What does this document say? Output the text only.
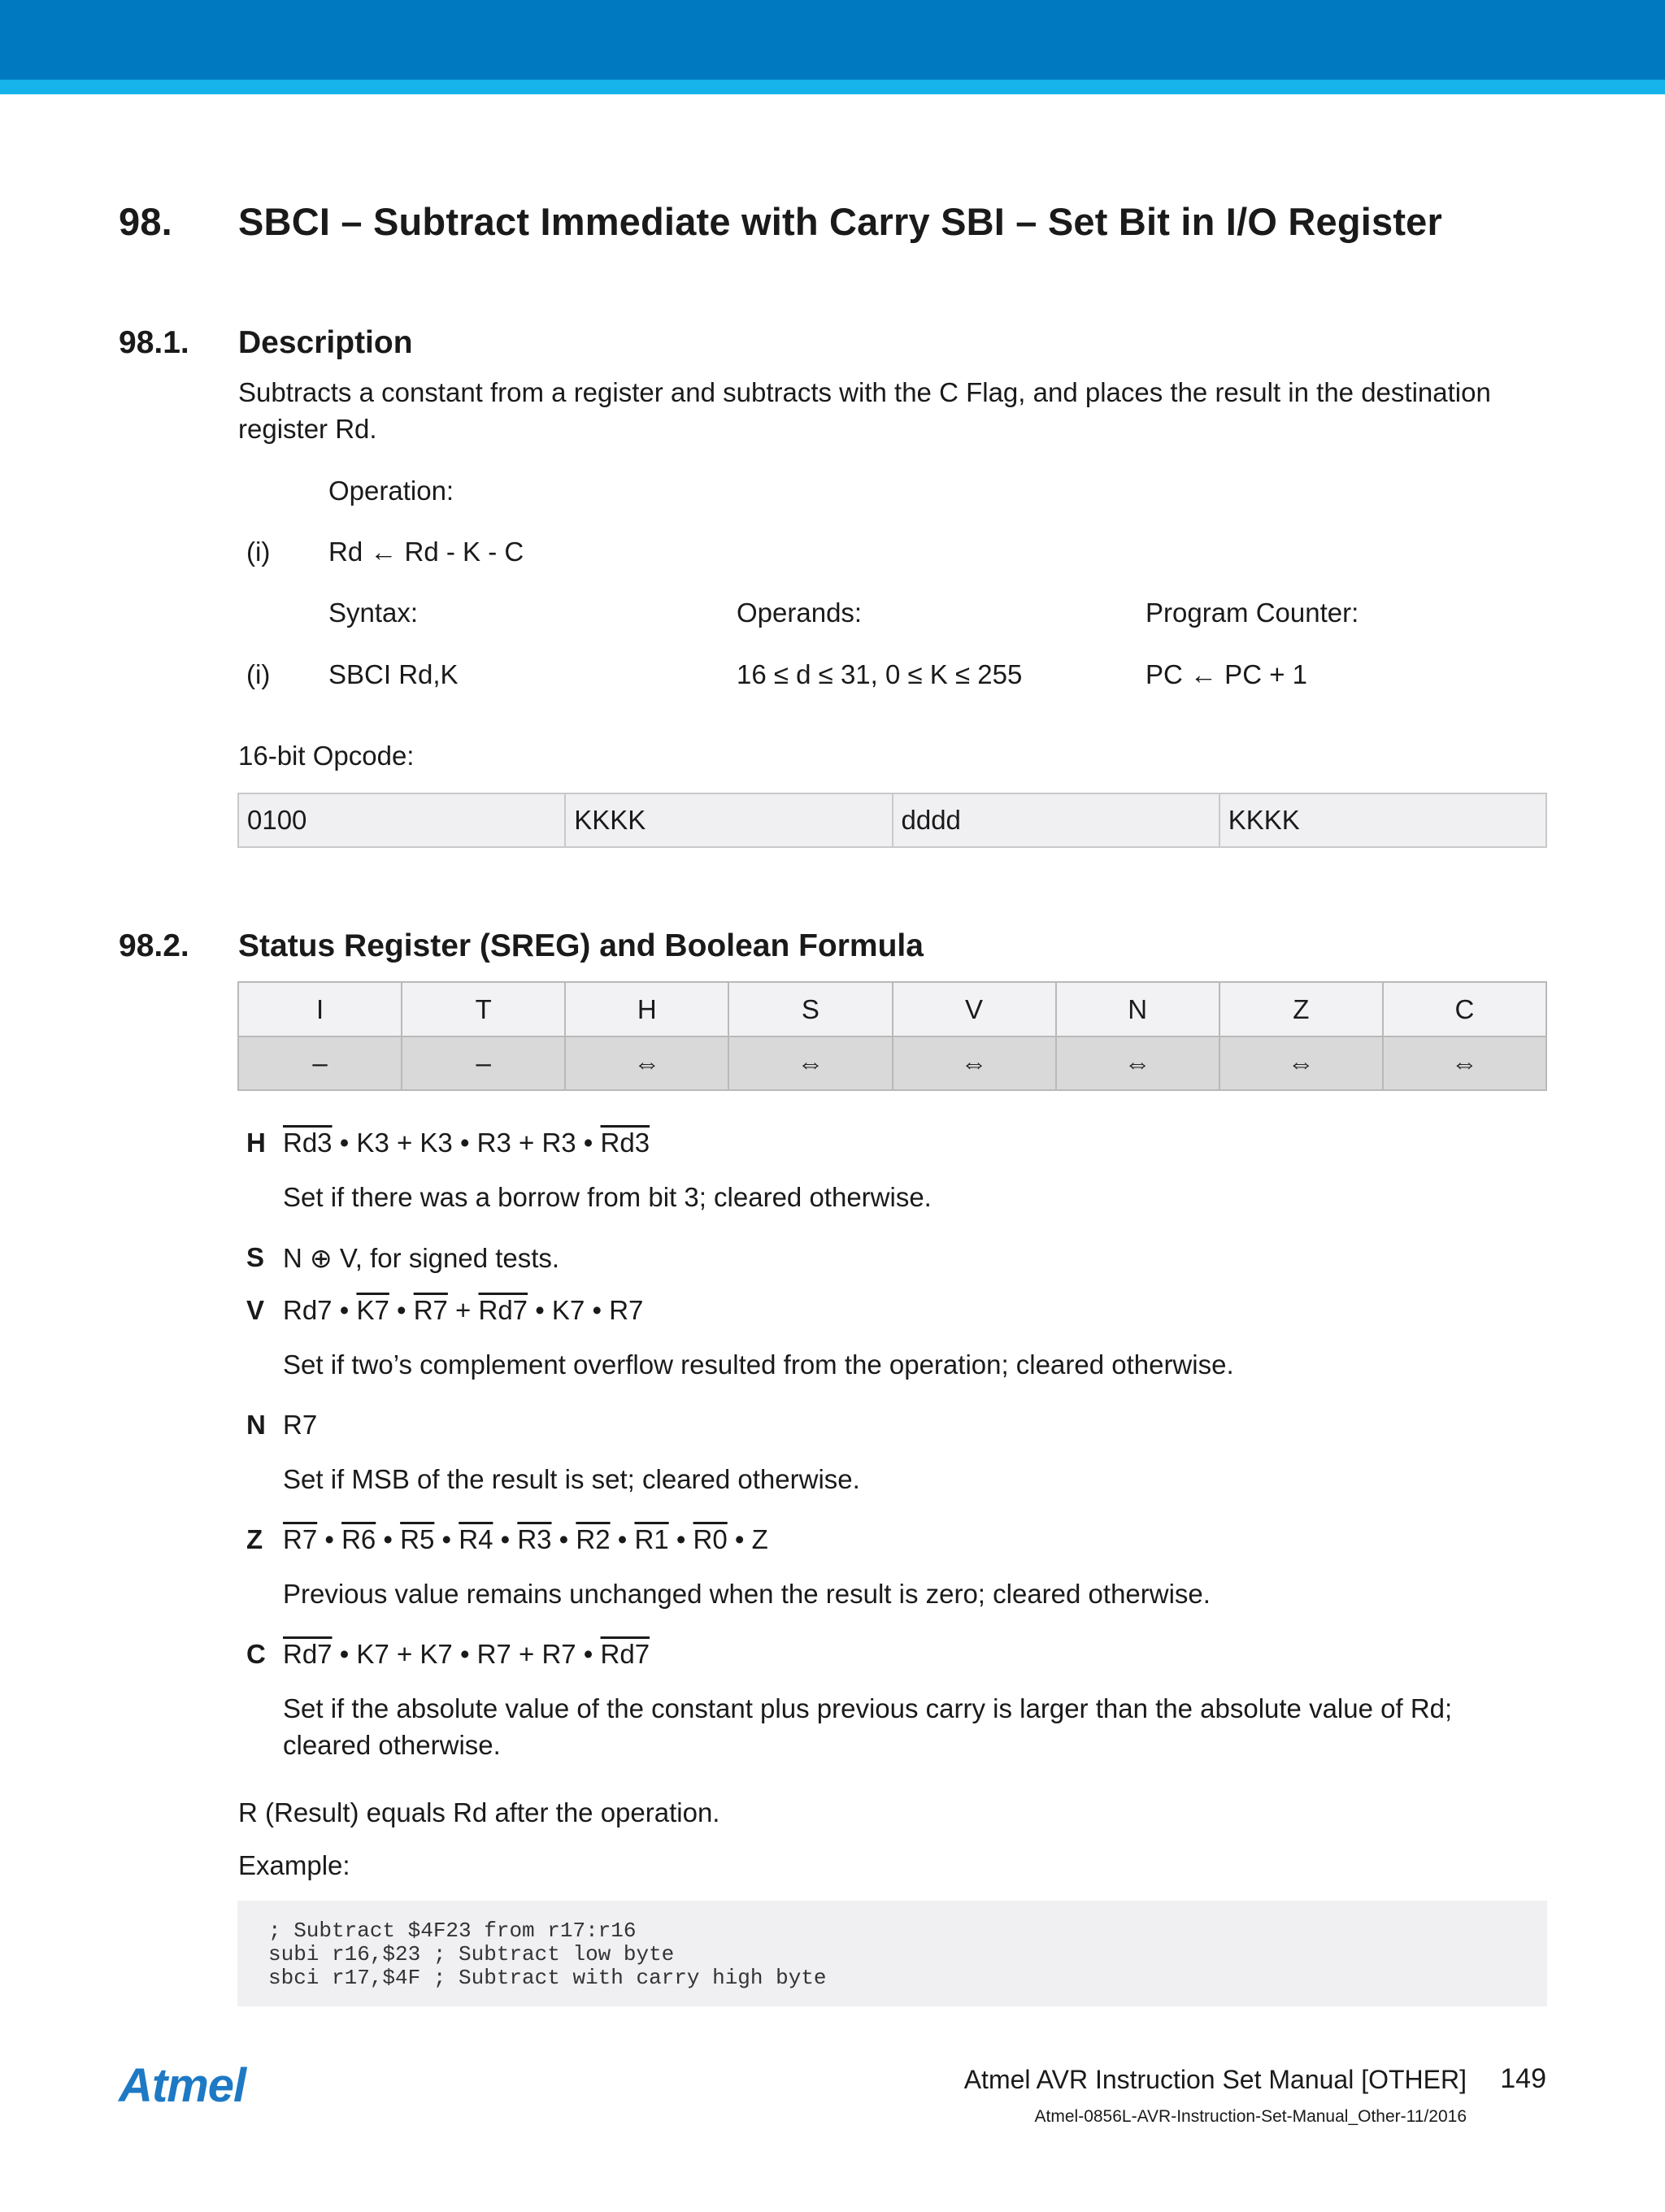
98. SBCI – Subtract Immediate with Carry SBI – Set Bit in I/O Register
98.1. Description
Subtracts a constant from a register and subtracts with the C Flag, and places the result in the destination register Rd.
Operation:
(i) Rd ← Rd - K - C
Syntax:	Operands:	Program Counter:
(i) SBCI Rd,K	16 ≤ d ≤ 31, 0 ≤ K ≤ 255	PC ← PC + 1
16-bit Opcode:
0100	KKKK	dddd	KKKK
98.2. Status Register (SREG) and Boolean Formula
I	T	H	S	V	N	Z	C
–	–	⇔	⇔	⇔	⇔	⇔	⇔
H Rd3 • K3 + K3 • R3 + R3 • Rd3
Set if there was a borrow from bit 3; cleared otherwise.
S N ⊕ V, for signed tests.
V Rd7 • K7 • R7 + Rd7 • K7 • R7
Set if two’s complement overflow resulted from the operation; cleared otherwise.
N R7
Set if MSB of the result is set; cleared otherwise.
Z R7 • R6 • R5 • R4 • R3 • R2 • R1 • R0 • Z
Previous value remains unchanged when the result is zero; cleared otherwise.
C Rd7 • K7 + K7 • R7 + R7 • Rd7
Set if the absolute value of the constant plus previous carry is larger than the absolute value of Rd; cleared otherwise.
R (Result) equals Rd after the operation.
Example:
; Subtract $4F23 from r17:r16
subi r16,$23 ; Subtract low byte
sbci r17,$4F ; Subtract with carry high byte
Atmel	Atmel AVR Instruction Set Manual [OTHER] 149
Atmel-0856L-AVR-Instruction-Set-Manual_Other-11/2016
